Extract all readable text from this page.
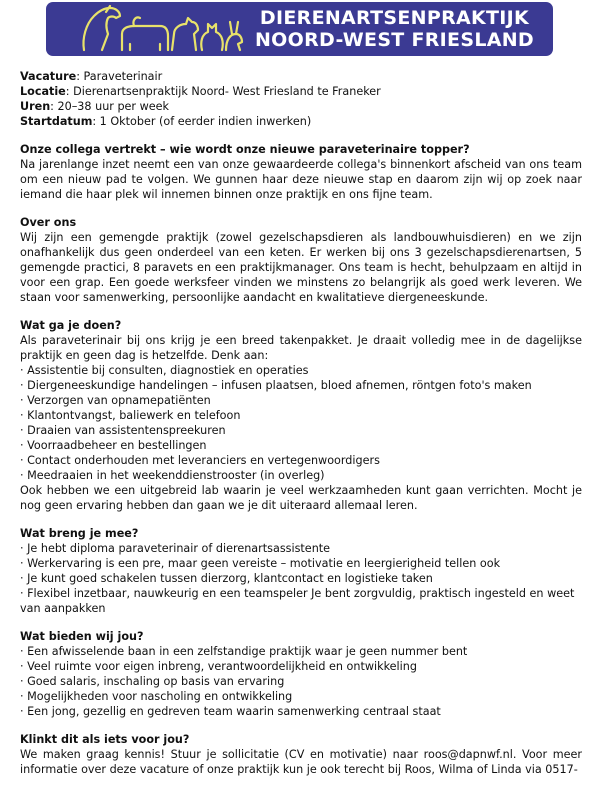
DIERENARTSENPRAKTIJK
NOORD-WEST FRIESLAND

Vacature: Paraveterinair

Locatie: Dierenartsenpraktijk Noord- West Friesland te Franeker

Uren: 20–38 uur per week

Startdatum: 1 Oktober (of eerder indien inwerken)

Onze collega vertrekt – wie wordt onze nieuwe paraveterinaire topper?

Na jarenlange inzet neemt een van onze gewaardeerde collega's binnenkort afscheid van ons team om een nieuw pad te volgen. We gunnen haar deze nieuwe stap en daarom zijn wij op zoek naar iemand die haar plek wil innemen binnen onze praktijk en ons fijne team.

Over ons

Wij zijn een gemengde praktijk (zowel gezelschapsdieren als landbouwhuisdieren) en we zijn onafhankelijk dus geen onderdeel van een keten. Er werken bij ons 3 gezelschapsdierenartsen, 5 gemengde practici, 8 paravets en een praktijkmanager. Ons team is hecht, behulpzaam en altijd in voor een grap. Een goede werksfeer vinden we minstens zo belangrijk als goed werk leveren. We staan voor samenwerking, persoonlijke aandacht en kwalitatieve diergeneeskunde.

Wat ga je doen?

Als paraveterinair bij ons krijg je een breed takenpakket. Je draait volledig mee in de dagelijkse praktijk en geen dag is hetzelfde. Denk aan:

· Assistentie bij consulten, diagnostiek en operaties
· Diergeneeskundige handelingen – infusen plaatsen, bloed afnemen, röntgen foto's maken
· Verzorgen van opnamepatiënten
· Klantontvangst, baliewerk en telefoon
· Draaien van assistentenspreekuren
· Voorraadbeheer en bestellingen
· Contact onderhouden met leveranciers en vertegenwoordigers
· Meedraaien in het weekenddienstrooster (in overleg)

Ook hebben we een uitgebreid lab waarin je veel werkzaamheden kunt gaan verrichten. Mocht je nog geen ervaring hebben dan gaan we je dit uiteraard allemaal leren.

Wat breng je mee?

· Je hebt diploma paraveterinair of dierenartsassistente
· Werkervaring is een pre, maar geen vereiste – motivatie en leergierigheid tellen ook
· Je kunt goed schakelen tussen dierzorg, klantcontact en logistieke taken
· Flexibel inzetbaar, nauwkeurig en een teamspeler Je bent zorgvuldig, praktisch ingesteld en weet van aanpakken

Wat bieden wij jou?

· Een afwisselende baan in een zelfstandige praktijk waar je geen nummer bent
· Veel ruimte voor eigen inbreng, verantwoordelijkheid en ontwikkeling
· Goed salaris, inschaling op basis van ervaring
· Mogelijkheden voor nascholing en ontwikkeling
· Een jong, gezellig en gedreven team waarin samenwerking centraal staat

Klinkt dit als iets voor jou?

We maken graag kennis! Stuur je sollicitatie (CV en motivatie) naar roos@dapnwf.nl. Voor meer informatie over deze vacature of onze praktijk kun je ook terecht bij Roos, Wilma of Linda via 0517-
